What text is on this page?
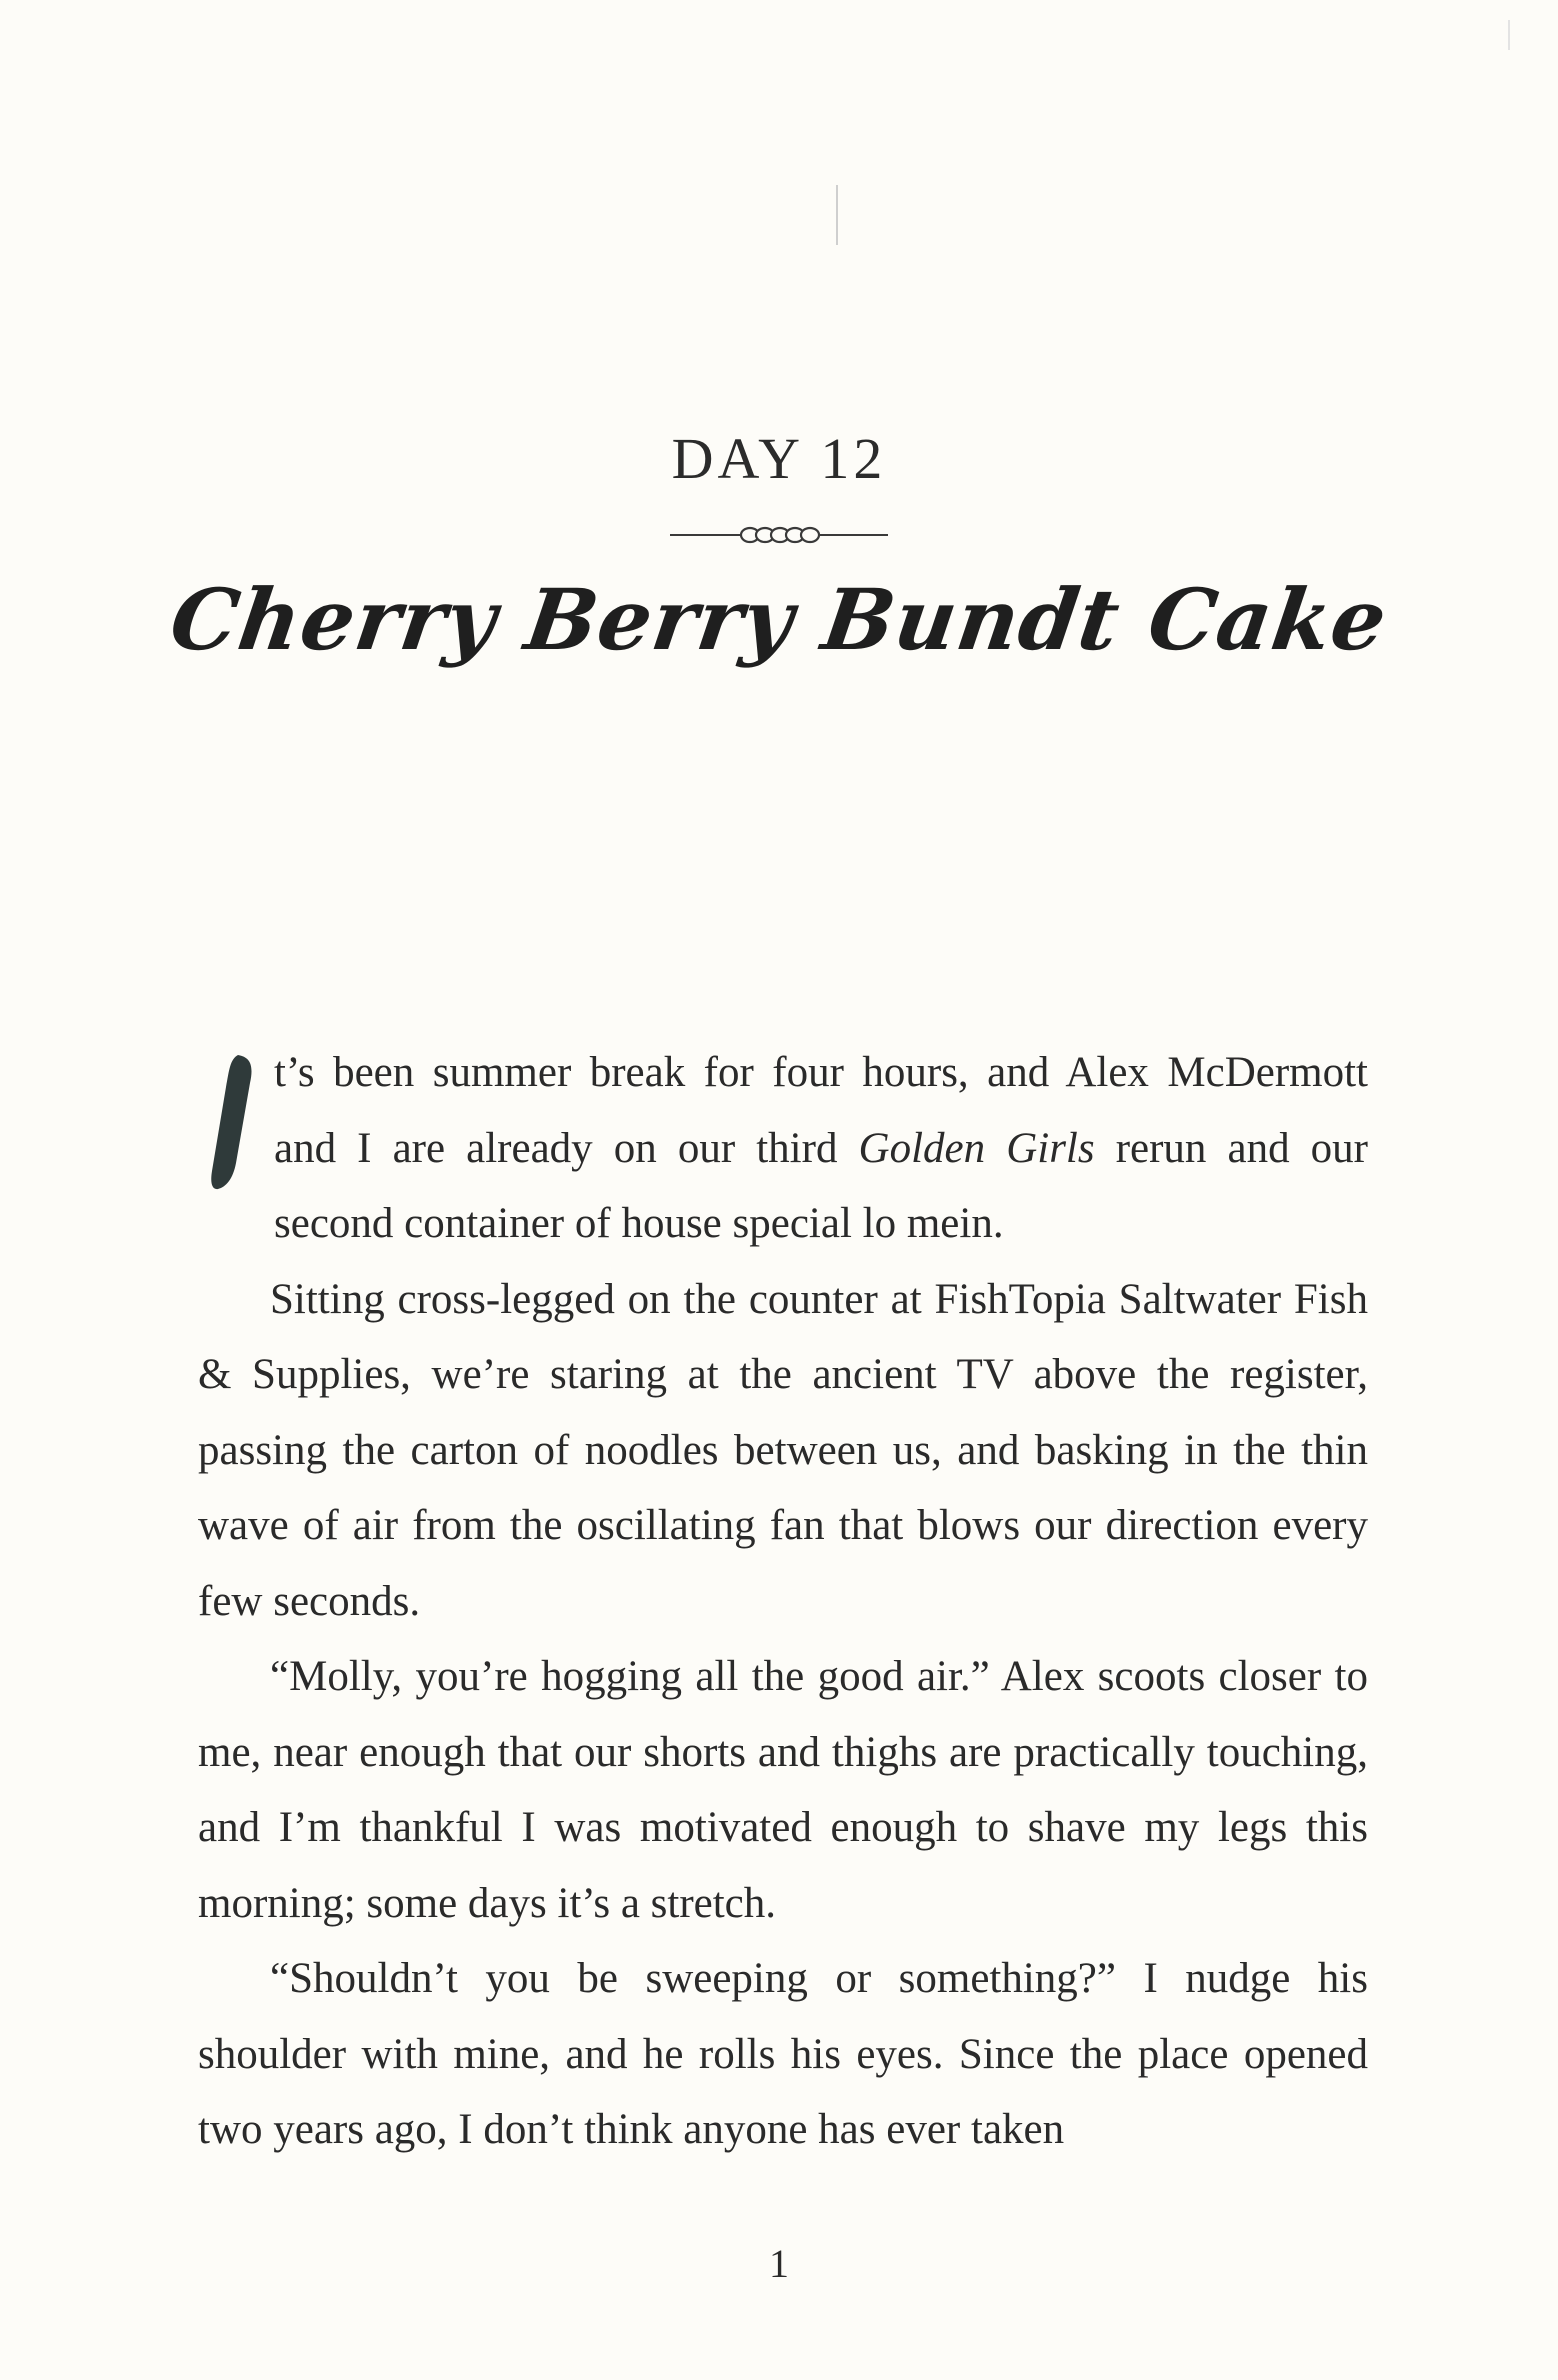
DAY 12
Cherry Berry Bundt Cake

t’s been summer break for four hours, and Alex McDermott and I are already on our third Golden Girls rerun and our second container of house special lo mein.

Sitting cross-legged on the counter at FishTopia Saltwater Fish & Supplies, we’re staring at the ancient TV above the register, passing the carton of noodles between us, and basking in the thin wave of air from the oscillating fan that blows our direction every few seconds.

“Molly, you’re hogging all the good air.” Alex scoots closer to me, near enough that our shorts and thighs are practically touching, and I’m thankful I was motivated enough to shave my legs this morning; some days it’s a stretch.

“Shouldn’t you be sweeping or something?” I nudge his shoulder with mine, and he rolls his eyes. Since the place opened two years ago, I don’t think anyone has ever taken

1
